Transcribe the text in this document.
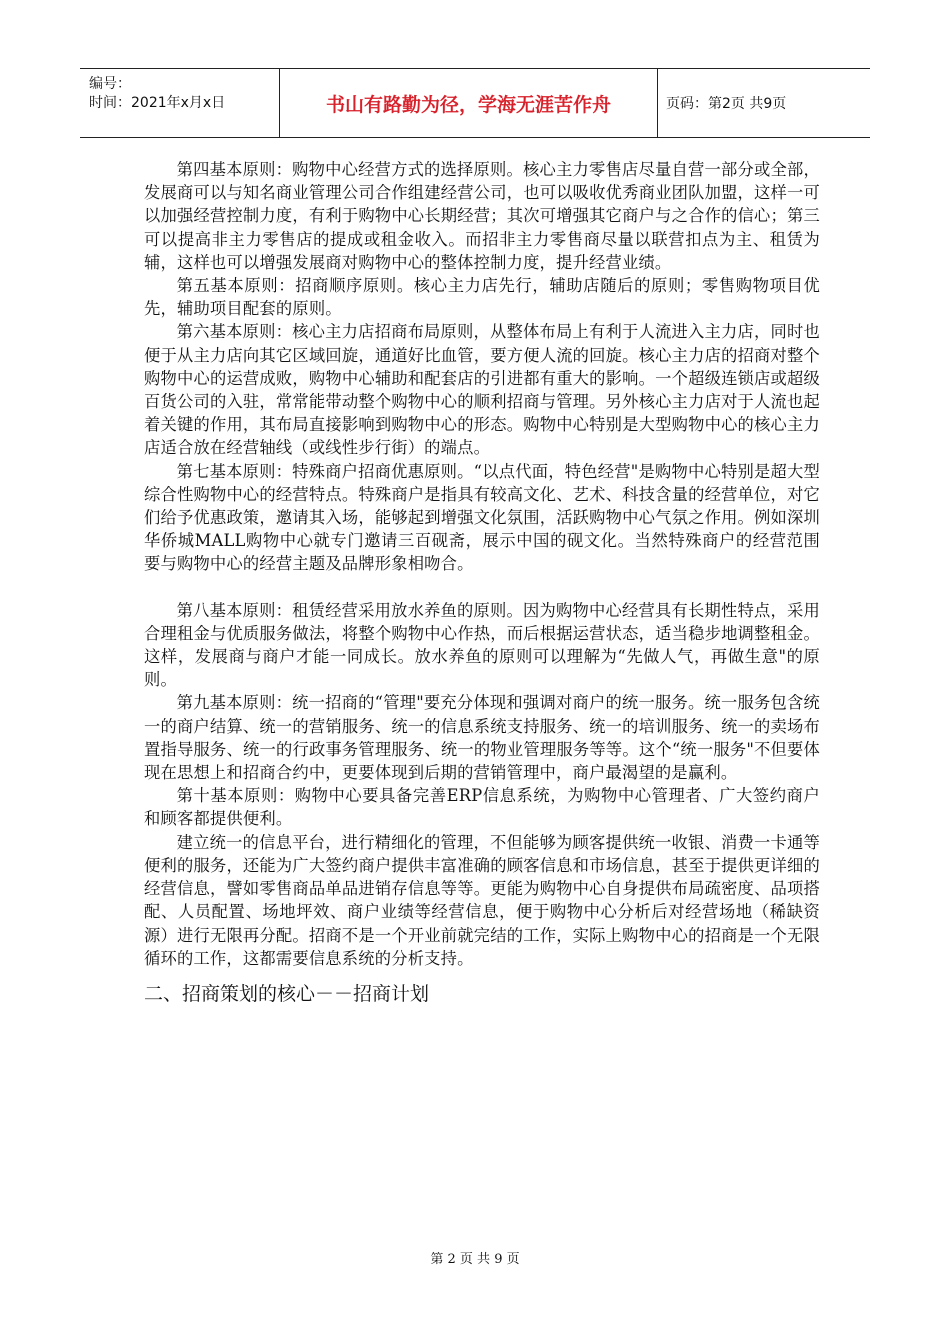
编号：
时间：2021年x月x日	书山有路勤为径，学海无涯苦作舟	页码：第2页 共9页

第四基本原则：购物中心经营方式的选择原则。核心主力零售店尽量自营一部分或全部，发展商可以与知名商业管理公司合作组建经营公司，也可以吸收优秀商业团队加盟，这样一可以加强经营控制力度，有利于购物中心长期经营；其次可增强其它商户与之合作的信心；第三可以提高非主力零售店的提成或租金收入。而招非主力零售商尽量以联营扣点为主、租赁为辅，这样也可以增强发展商对购物中心的整体控制力度，提升经营业绩。

第五基本原则：招商顺序原则。核心主力店先行，辅助店随后的原则；零售购物项目优先，辅助项目配套的原则。

第六基本原则：核心主力店招商布局原则，从整体布局上有利于人流进入主力店，同时也便于从主力店向其它区域回旋，通道好比血管，要方便人流的回旋。核心主力店的招商对整个购物中心的运营成败，购物中心辅助和配套店的引进都有重大的影响。一个超级连锁店或超级百货公司的入驻，常常能带动整个购物中心的顺利招商与管理。另外核心主力店对于人流也起着关键的作用，其布局直接影响到购物中心的形态。购物中心特别是大型购物中心的核心主力店适合放在经营轴线（或线性步行街）的端点。

第七基本原则：特殊商户招商优惠原则。“以点代面，特色经营"是购物中心特别是超大型综合性购物中心的经营特点。特殊商户是指具有较高文化、艺术、科技含量的经营单位，对它们给予优惠政策，邀请其入场，能够起到增强文化氛围，活跃购物中心气氛之作用。例如深圳华侨城MALL购物中心就专门邀请三百砚斋，展示中国的砚文化。当然特殊商户的经营范围要与购物中心的经营主题及品牌形象相吻合。

第八基本原则：租赁经营采用放水养鱼的原则。因为购物中心经营具有长期性特点，采用合理租金与优质服务做法，将整个购物中心作热，而后根据运营状态，适当稳步地调整租金。这样，发展商与商户才能一同成长。放水养鱼的原则可以理解为“先做人气，再做生意"的原则。

第九基本原则：统一招商的“管理"要充分体现和强调对商户的统一服务。统一服务包含统一的商户结算、统一的营销服务、统一的信息系统支持服务、统一的培训服务、统一的卖场布置指导服务、统一的行政事务管理服务、统一的物业管理服务等等。这个“统一服务"不但要体现在思想上和招商合约中，更要体现到后期的营销管理中，商户最渴望的是赢利。

第十基本原则：购物中心要具备完善ERP信息系统，为购物中心管理者、广大签约商户和顾客都提供便利。

建立统一的信息平台，进行精细化的管理，不但能够为顾客提供统一收银、消费一卡通等便利的服务，还能为广大签约商户提供丰富准确的顾客信息和市场信息，甚至于提供更详细的经营信息，譬如零售商品单品进销存信息等等。更能为购物中心自身提供布局疏密度、品项搭配、人员配置、场地坪效、商户业绩等经营信息，便于购物中心分析后对经营场地（稀缺资源）进行无限再分配。招商不是一个开业前就完结的工作，实际上购物中心的招商是一个无限循环的工作，这都需要信息系统的分析支持。

二、招商策划的核心－－招商计划
第 2 页 共 9 页
